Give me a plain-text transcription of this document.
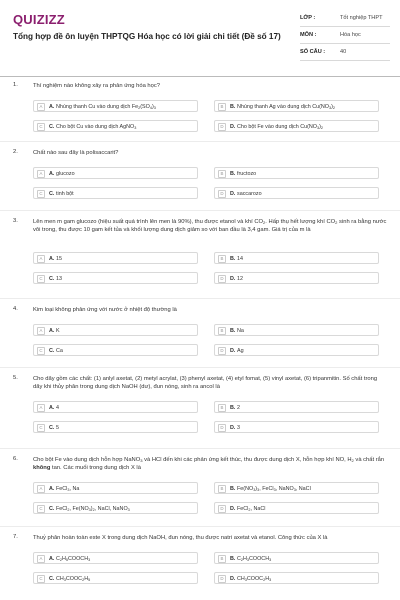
QUIZIZZ
Tổng hợp đề ôn luyện THPTQG Hóa học có lời giải chi tiết (Đề số 17)
LỚP :	Tốt nghiệp THPT
MÔN :	Hóa học
SỐ CÂU :	40
1.	Thí nghiệm nào không xảy ra phản ứng hóa học?
A	A. Nhúng thanh Cu vào dung dịch $Fe_2(SO_4)_3$	B	B. Nhúng thanh Ag vào dung dịch $Cu(NO_3)_2$
C	C. Cho bột Cu vào dung dịch AgNO$_3$	D	D. Cho bột Fe vào dung dịch $Cu(NO_3)_2$
2.	Chất nào sau đây là polisaccarit?
A	A. glucozo	B	B. fructozo
C	C. tinh bột	D	D. saccarozo
3.	Lên men m gam glucozo (hiệu suất quá trình lên men là 90%), thu được etanol và khí $CO_2$. Hấp thụ hết lượng khí $CO_2$ sinh ra bằng nước vôi trong, thu được 10 gam kết tủa và khối lượng dung dịch giảm so với ban đầu là 3,4 gam. Giá trị của m là
A	A. 15	B	B. 14
C	C. 13	D	D. 12
4.	Kim loại không phản ứng với nước ở nhiệt độ thường là
A	A. K	B	B. Na
C	C. Ca	D	D. Ag
5.	Cho dãy gồm các chất: (1) anlyl axetat, (2) metyl acrylat, (3) phenyl axetat, (4) etyl fomat, (5) vinyl axetat, (6) tripanmitin. Số chất trong dãy khi thủy phân trong dung dịch NaOH (dư), đun nóng, sinh ra ancol là
A	A. 4	B	B. 2
C	C. 5	D	D. 3
6.	Cho bột Fe vào dung dịch hỗn hợp NaNO$_3$ và HCl đến khi các phản ứng kết thúc, thu được dung dịch X, hỗn hợp khí NO, $H_2$ và chất rắn không tan. Các muối trong dung dịch X là
A	A. FeCl$_3$, Na	B	B. $Fe(NO_3)_3$, FeCl$_3$, NaNO$_3$, NaCl
C	C. FeCl$_2$, $Fe(NO_3)_2$, NaCl, NaNO$_3$	D	D. FeCl$_2$, NaCl
7.	Thuỷ phân hoàn toàn este X trong dung dịch NaOH, đun nóng, thu được natri axetat và etanol. Công thức của X là
A	A. $C_2H_5COOCH_3$	B	B. $C_2H_3COOCH_3$
C	C. $CH_3COOC_2H_5$	D	D. $CH_3COOC_2H_3$
